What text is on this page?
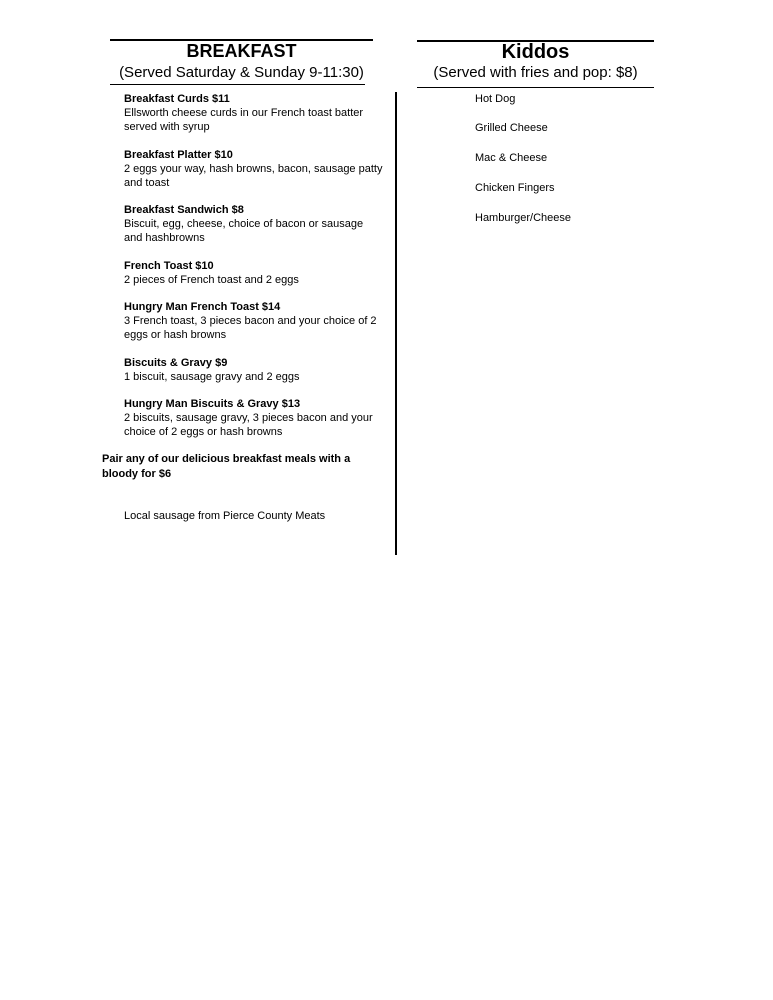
BREAKFAST
(Served Saturday & Sunday 9-11:30)
Kiddos
(Served with fries and pop: $8)
Breakfast Curds $11
Ellsworth cheese curds in our French toast batter served with syrup
Breakfast Platter $10
2 eggs your way, hash browns, bacon, sausage patty and toast
Breakfast Sandwich $8
Biscuit, egg, cheese, choice of bacon or sausage and hashbrowns
French Toast $10
2 pieces of French toast and 2 eggs
Hungry Man French Toast $14
3 French toast, 3 pieces bacon and your choice of 2 eggs or hash browns
Biscuits & Gravy $9
1 biscuit, sausage gravy and 2 eggs
Hungry Man Biscuits & Gravy $13
2 biscuits, sausage gravy, 3 pieces bacon and your choice of 2 eggs or hash browns
Pair any of our delicious breakfast meals with a bloody for $6
Local sausage from Pierce County Meats
Hot Dog
Grilled Cheese
Mac & Cheese
Chicken Fingers
Hamburger/Cheese
